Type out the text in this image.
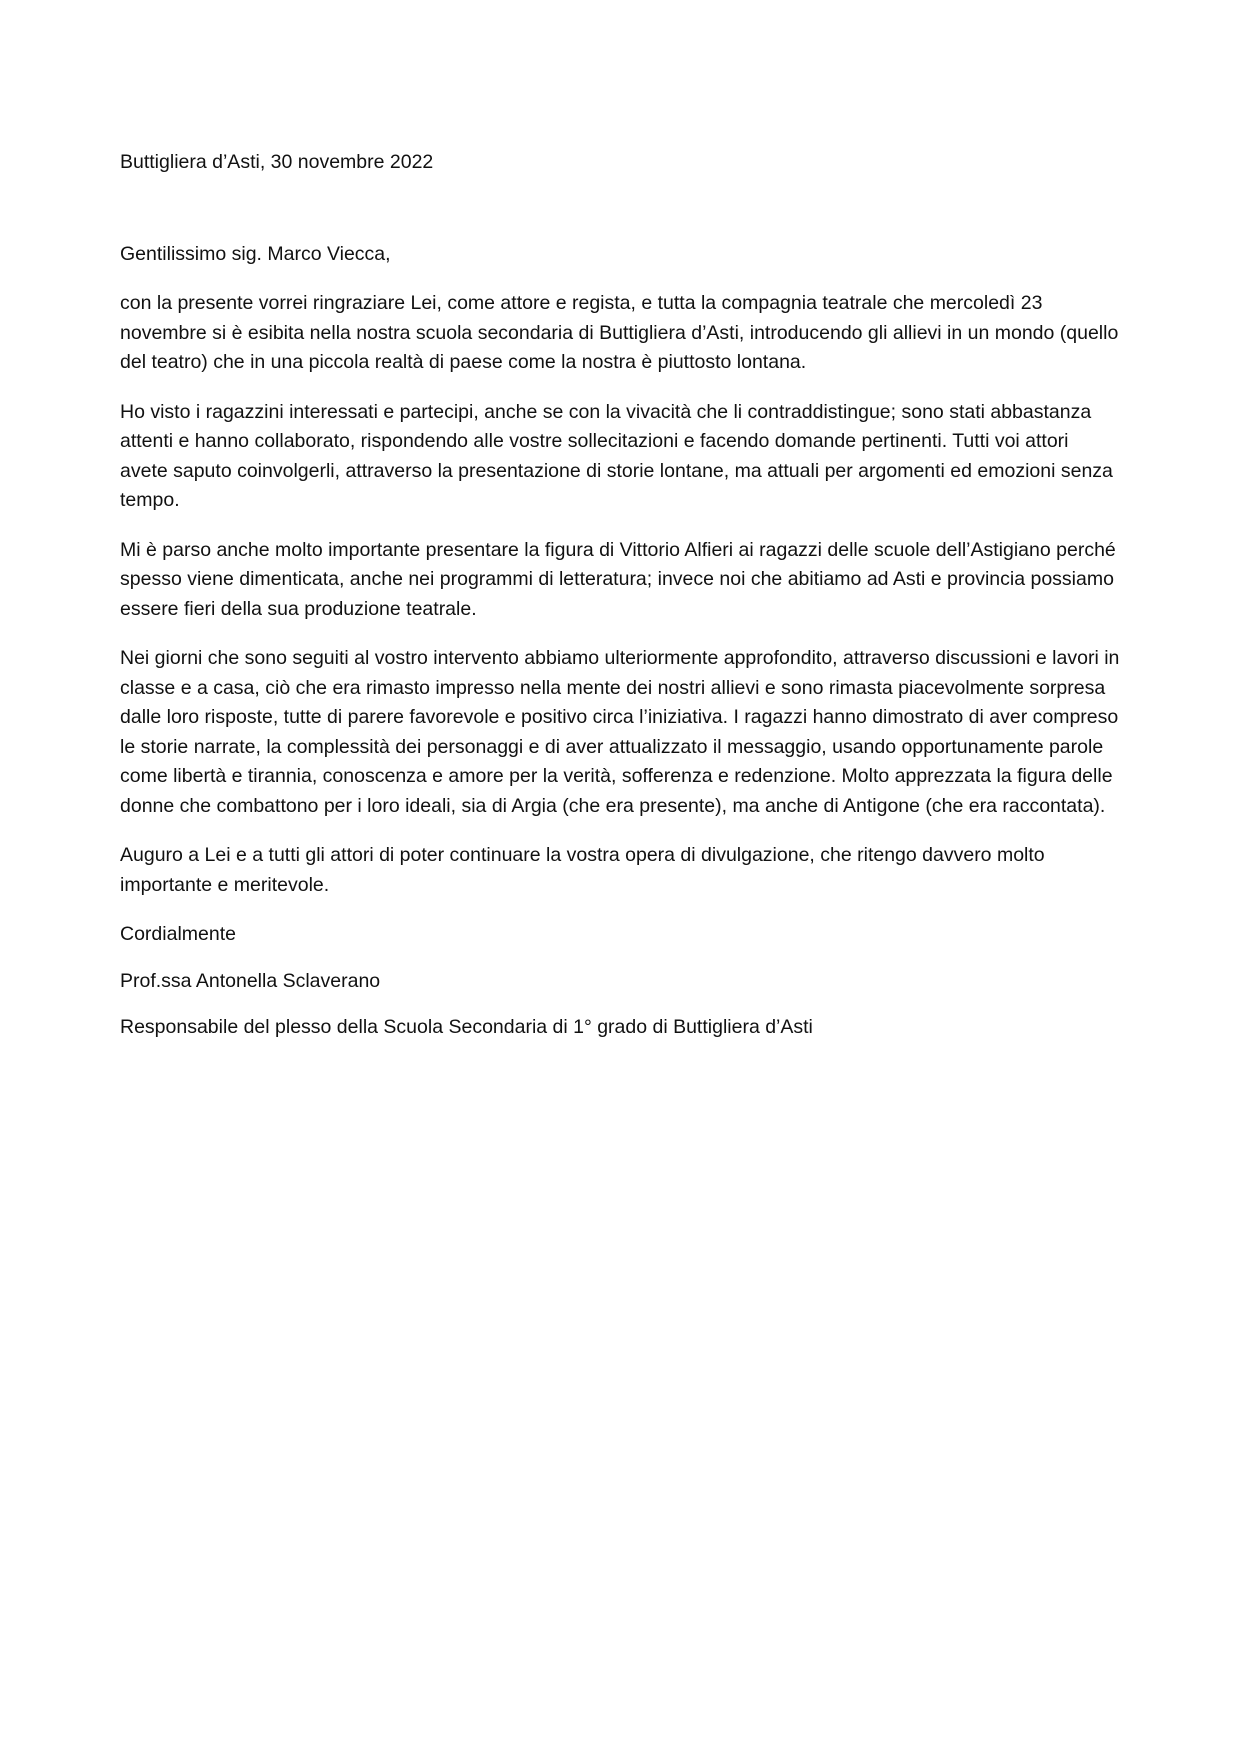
Buttigliera d’Asti, 30 novembre 2022

Gentilissimo sig. Marco Viecca,

con la presente vorrei ringraziare Lei, come attore e regista, e tutta la compagnia teatrale che mercoledì 23 novembre si è esibita nella nostra scuola secondaria di Buttigliera d’Asti, introducendo gli allievi in un mondo (quello del teatro) che in una piccola realtà di paese come la nostra è piuttosto lontana.

Ho visto i ragazzini interessati e partecipi, anche se con la vivacità che li contraddistingue; sono stati abbastanza attenti e hanno collaborato, rispondendo alle vostre sollecitazioni e facendo domande pertinenti. Tutti voi attori avete saputo coinvolgerli, attraverso la presentazione di storie lontane, ma attuali per argomenti ed emozioni senza tempo.

Mi è parso anche molto importante presentare la figura di Vittorio Alfieri ai ragazzi delle scuole dell’Astigiano perché spesso viene dimenticata, anche nei programmi di letteratura; invece noi che abitiamo ad Asti e provincia possiamo essere fieri della sua produzione teatrale.

Nei giorni che sono seguiti al vostro intervento abbiamo ulteriormente approfondito, attraverso discussioni e lavori in classe e a casa, ciò che era rimasto impresso nella mente dei nostri allievi e sono rimasta piacevolmente sorpresa dalle loro risposte, tutte di parere favorevole e positivo circa l’iniziativa. I ragazzi hanno dimostrato di aver compreso le storie narrate, la complessità dei personaggi e di aver attualizzato il messaggio, usando opportunamente parole come libertà e tirannia, conoscenza e amore per la verità, sofferenza e redenzione. Molto apprezzata la figura delle donne che combattono per i loro ideali, sia di Argia (che era presente), ma anche di Antigone (che era raccontata).

Auguro a Lei e a tutti gli attori di poter continuare la vostra opera di divulgazione, che ritengo davvero molto importante e meritevole.

Cordialmente

Prof.ssa Antonella Sclaverano

Responsabile del plesso della Scuola Secondaria di 1° grado di Buttigliera d’Asti
